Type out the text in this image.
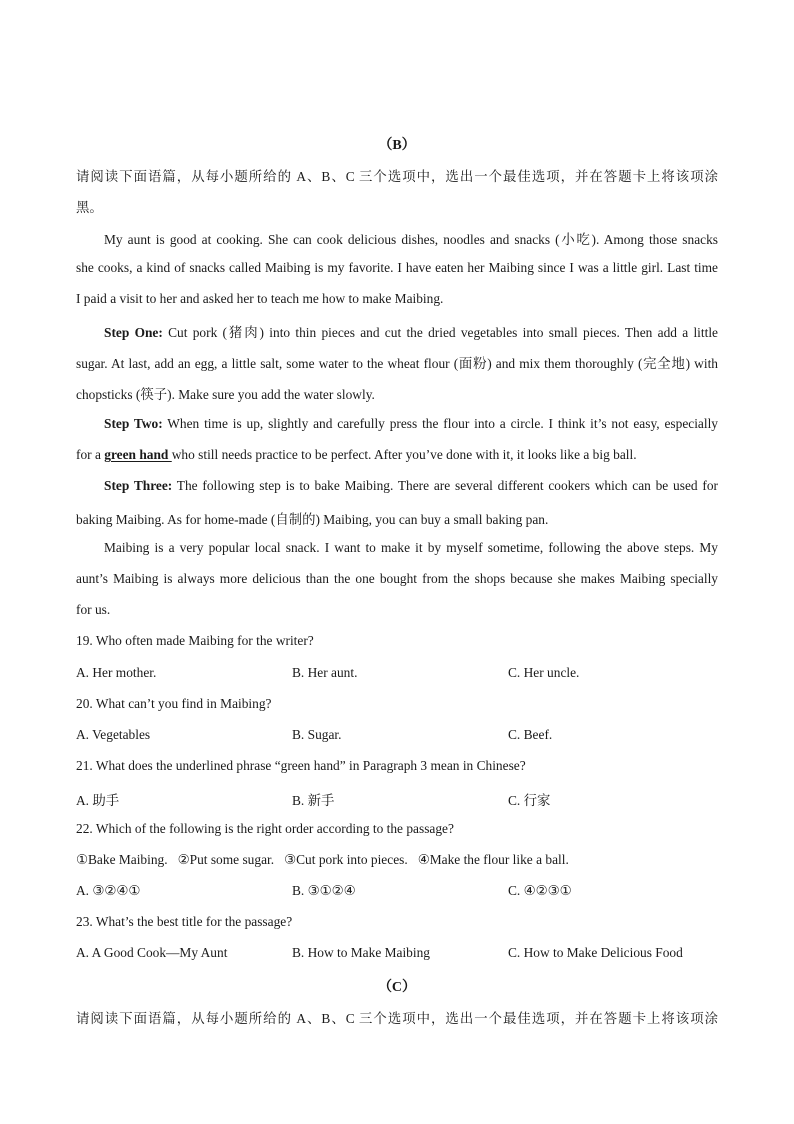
（B）
请阅读下面语篇，从每小题所给的 A、B、C 三个选项中，选出一个最佳选项，并在答题卡上将该项涂
黑。
My aunt is good at cooking. She can cook delicious dishes, noodles and snacks (小吃). Among those snacks
she cooks, a kind of snacks called Maibing is my favorite. I have eaten her Maibing since I was a little girl. Last time
I paid a visit to her and asked her to teach me how to make Maibing.
Step One: Cut pork (猪肉) into thin pieces and cut the dried vegetables into small pieces. Then add a little
sugar. At last, add an egg, a little salt, some water to the wheat flour (面粉) and mix them thoroughly (完全地) with
chopsticks (筷子). Make sure you add the water slowly.
Step Two: When time is up, slightly and carefully press the flour into a circle. I think it’s not easy, especially
for a green hand who still needs practice to be perfect. After you’ve done with it, it looks like a big ball.
Step Three: The following step is to bake Maibing. There are several different cookers which can be used for
baking Maibing. As for home-made (自制的) Maibing, you can buy a small baking pan.
Maibing is a very popular local snack. I want to make it by myself sometime, following the above steps. My
aunt’s Maibing is always more delicious than the one bought from the shops because she makes Maibing specially
for us.
19. Who often made Maibing for the writer?
A. Her mother.	B. Her aunt.	C. Her uncle.
20. What can’t you find in Maibing?
A. Vegetables	B. Sugar.	C. Beef.
21. What does the underlined phrase “green hand” in Paragraph 3 mean in Chinese?
A. 助手	B. 新手	C. 行家
22. Which of the following is the right order according to the passage?
①Bake Maibing.   ②Put some sugar.   ③Cut pork into pieces.   ④Make the flour like a ball.
A. ③②④①	B. ③①②④	C. ④②③①
23. What’s the best title for the passage?
A. A Good Cook—My Aunt	B. How to Make Maibing	C. How to Make Delicious Food
（C）
请阅读下面语篇，从每小题所给的 A、B、C 三个选项中，选出一个最佳选项，并在答题卡上将该项涂
